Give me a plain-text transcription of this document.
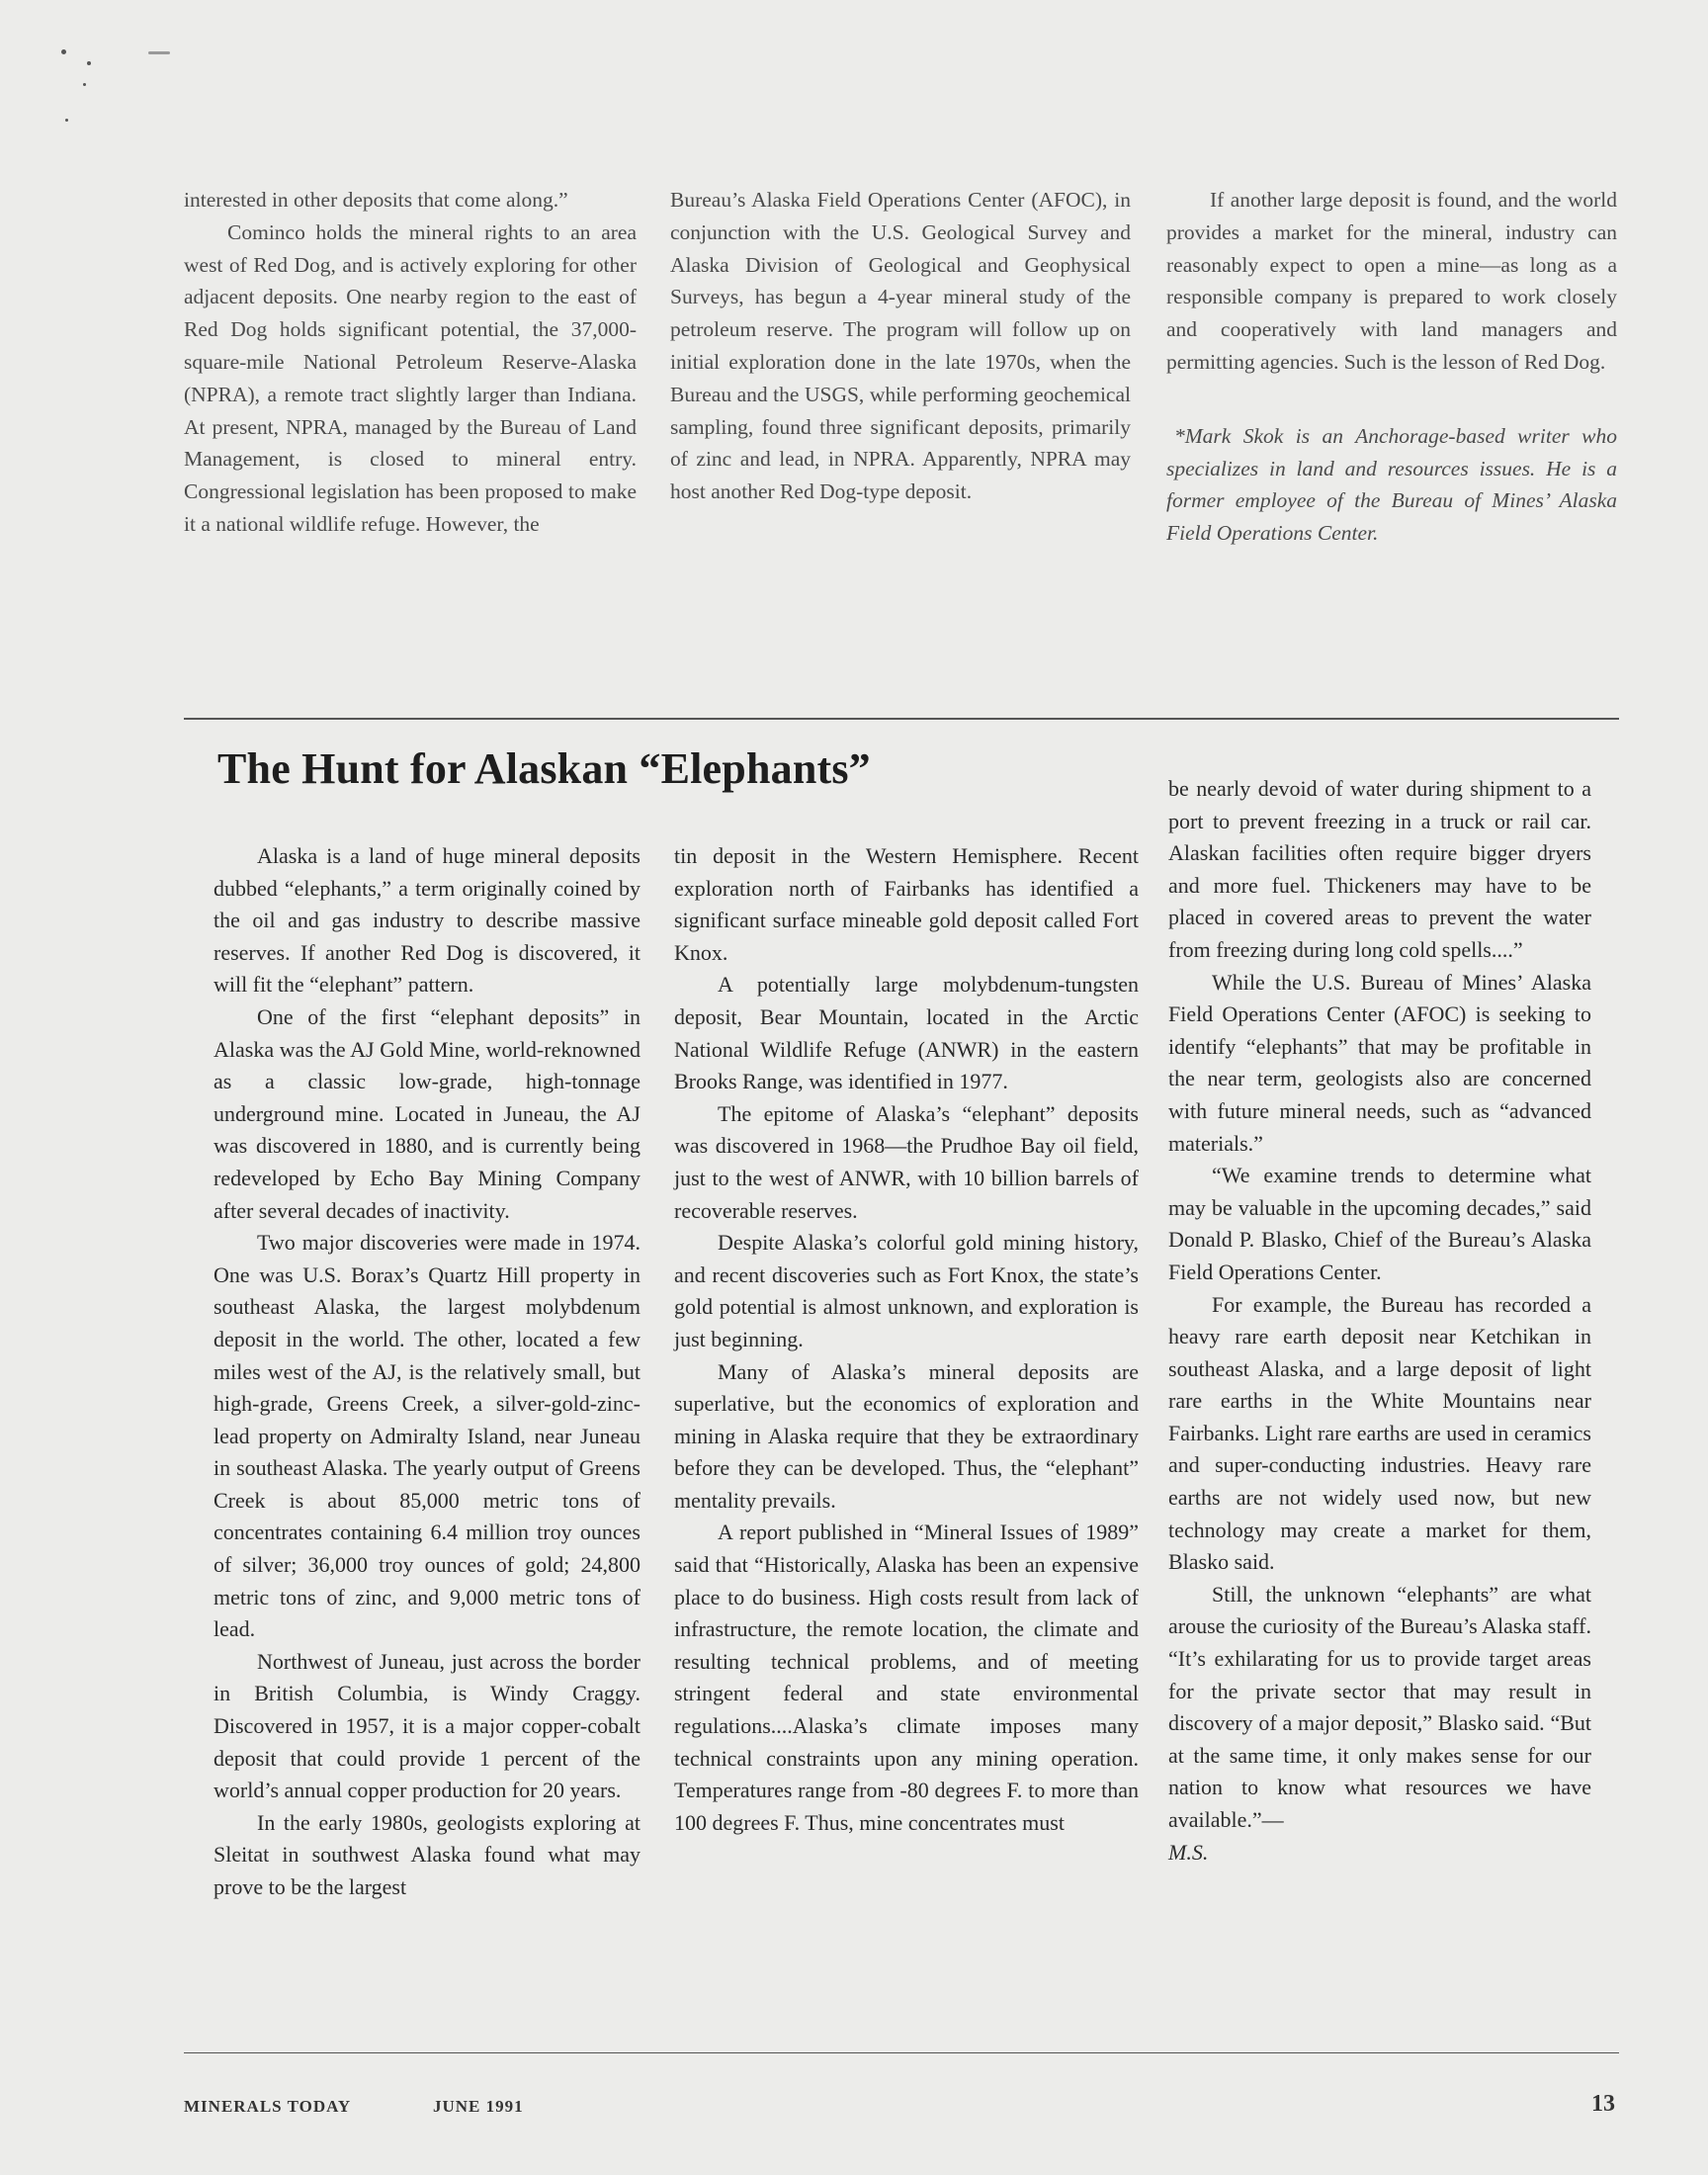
interested in other deposits that come along.”

Cominco holds the mineral rights to an area west of Red Dog, and is actively exploring for other adjacent deposits. One nearby region to the east of Red Dog holds significant potential, the 37,000-square-mile National Petroleum Reserve-Alaska (NPRA), a remote tract slightly larger than Indiana. At present, NPRA, managed by the Bureau of Land Management, is closed to mineral entry. Congressional legislation has been proposed to make it a national wildlife refuge. However, the

Bureau’s Alaska Field Operations Center (AFOC), in conjunction with the U.S. Geological Survey and Alaska Division of Geological and Geophysical Surveys, has begun a 4-year mineral study of the petroleum reserve. The program will follow up on initial exploration done in the late 1970s, when the Bureau and the USGS, while performing geochemical sampling, found three significant deposits, primarily of zinc and lead, in NPRA. Apparently, NPRA may host another Red Dog-type deposit.

If another large deposit is found, and the world provides a market for the mineral, industry can reasonably expect to open a mine—as long as a responsible company is prepared to work closely and cooperatively with land managers and permitting agencies. Such is the lesson of Red Dog.

*Mark Skok is an Anchorage-based writer who specializes in land and resources issues. He is a former employee of the Bureau of Mines’ Alaska Field Operations Center.

The Hunt for Alaskan “Elephants”

Alaska is a land of huge mineral deposits dubbed “elephants,” a term originally coined by the oil and gas industry to describe massive reserves. If another Red Dog is discovered, it will fit the “elephant” pattern.

One of the first “elephant deposits” in Alaska was the AJ Gold Mine, world-reknowned as a classic low-grade, high-tonnage underground mine. Located in Juneau, the AJ was discovered in 1880, and is currently being redeveloped by Echo Bay Mining Company after several decades of inactivity.

Two major discoveries were made in 1974. One was U.S. Borax’s Quartz Hill property in southeast Alaska, the largest molybdenum deposit in the world. The other, located a few miles west of the AJ, is the relatively small, but high-grade, Greens Creek, a silver-gold-zinc-lead property on Admiralty Island, near Juneau in southeast Alaska. The yearly output of Greens Creek is about 85,000 metric tons of concentrates containing 6.4 million troy ounces of silver; 36,000 troy ounces of gold; 24,800 metric tons of zinc, and 9,000 metric tons of lead.

Northwest of Juneau, just across the border in British Columbia, is Windy Craggy. Discovered in 1957, it is a major copper-cobalt deposit that could provide 1 percent of the world’s annual copper production for 20 years.

In the early 1980s, geologists exploring at Sleitat in southwest Alaska found what may prove to be the largest

tin deposit in the Western Hemisphere. Recent exploration north of Fairbanks has identified a significant surface mineable gold deposit called Fort Knox.

A potentially large molybdenum-tungsten deposit, Bear Mountain, located in the Arctic National Wildlife Refuge (ANWR) in the eastern Brooks Range, was identified in 1977.

The epitome of Alaska’s “elephant” deposits was discovered in 1968—the Prudhoe Bay oil field, just to the west of ANWR, with 10 billion barrels of recoverable reserves.

Despite Alaska’s colorful gold mining history, and recent discoveries such as Fort Knox, the state’s gold potential is almost unknown, and exploration is just beginning.

Many of Alaska’s mineral deposits are superlative, but the economics of exploration and mining in Alaska require that they be extraordinary before they can be developed. Thus, the “elephant” mentality prevails.

A report published in “Mineral Issues of 1989” said that “Historically, Alaska has been an expensive place to do business. High costs result from lack of infrastructure, the remote location, the climate and resulting technical problems, and of meeting stringent federal and state environmental regulations....Alaska’s climate imposes many technical constraints upon any mining operation. Temperatures range from -80 degrees F. to more than 100 degrees F. Thus, mine concentrates must

be nearly devoid of water during shipment to a port to prevent freezing in a truck or rail car. Alaskan facilities often require bigger dryers and more fuel. Thickeners may have to be placed in covered areas to prevent the water from freezing during long cold spells....”

While the U.S. Bureau of Mines’ Alaska Field Operations Center (AFOC) is seeking to identify “elephants” that may be profitable in the near term, geologists also are concerned with future mineral needs, such as “advanced materials.”

“We examine trends to determine what may be valuable in the upcoming decades,” said Donald P. Blasko, Chief of the Bureau’s Alaska Field Operations Center.

For example, the Bureau has recorded a heavy rare earth deposit near Ketchikan in southeast Alaska, and a large deposit of light rare earths in the White Mountains near Fairbanks. Light rare earths are used in ceramics and super-conducting industries. Heavy rare earths are not widely used now, but new technology may create a market for them, Blasko said.

Still, the unknown “elephants” are what arouse the curiosity of the Bureau’s Alaska staff. “It’s exhilarating for us to provide target areas for the private sector that may result in discovery of a major deposit,” Blasko said. “But at the same time, it only makes sense for our nation to know what resources we have available.”—

M.S.

MINERALS TODAY	JUNE 1991	13
